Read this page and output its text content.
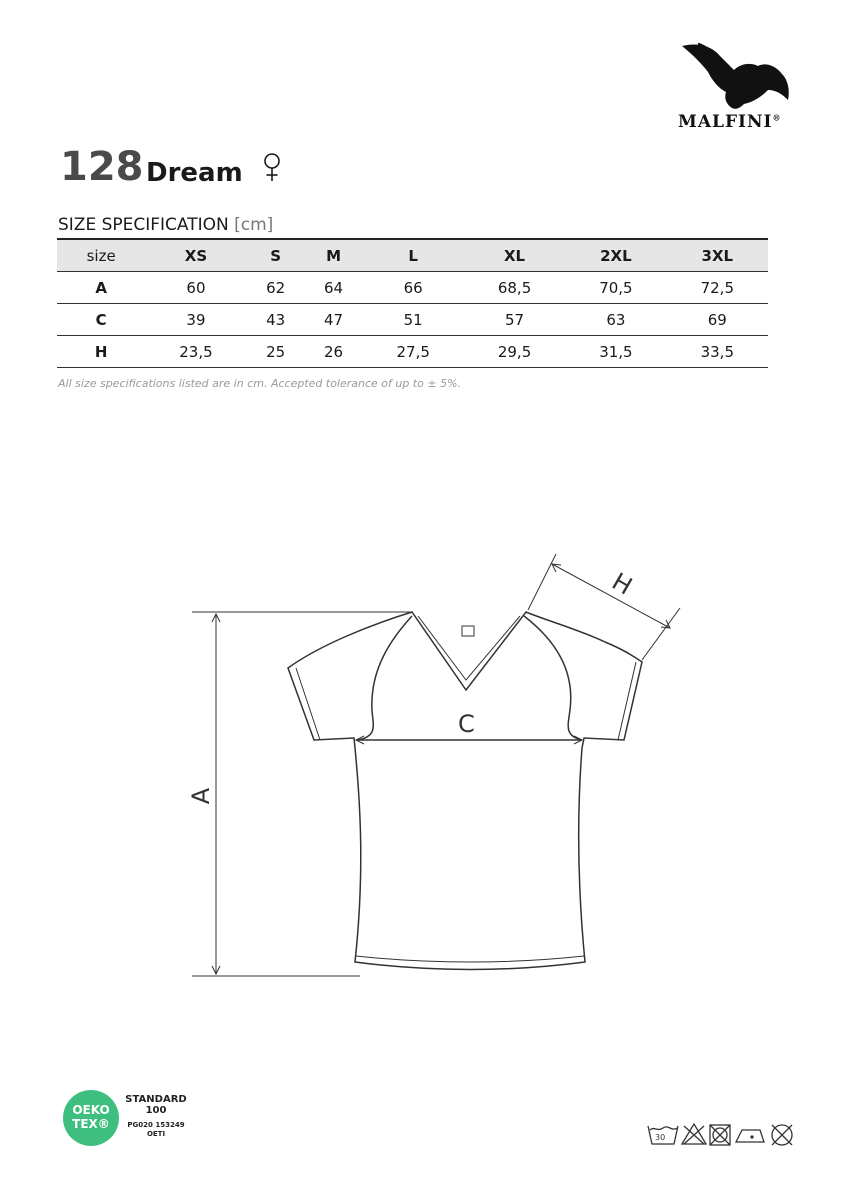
MALFINI®
128 Dream
SIZE SPECIFICATION [cm]
size	XS	S	M	L	XL	2XL	3XL
A	60	62	64	66	68,5	70,5	72,5
C	39	43	47	51	57	63	69
H	23,5	25	26	27,5	29,5	31,5	33,5
All size specifications listed are in cm. Accepted tolerance of up to ± 5%.
A
C
H
OEKO
TEX®
STANDARD
100
PG020 153249
OETI	30
